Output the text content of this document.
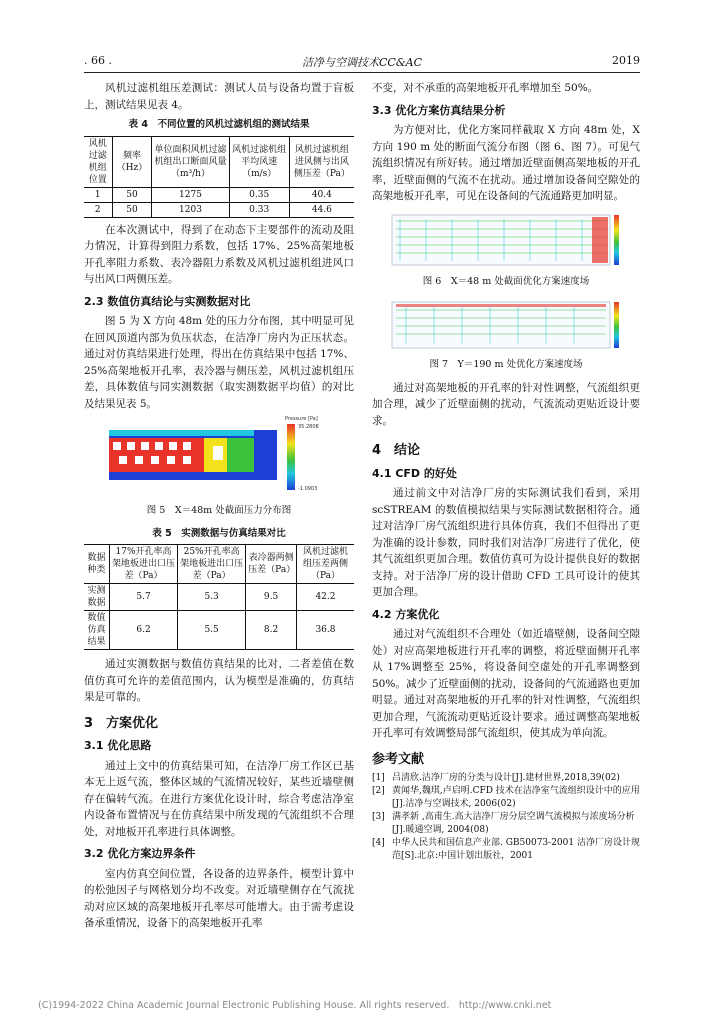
. 66 .	洁净与空调技术CC&AC	2019
风机过滤机组压差测试：测试人员与设备均置于盲板上，测试结果见表 4。
表 4　不同位置的风机过滤机组的测试结果
风机过滤机组位置	频率（Hz）	单位面积风机过滤机组出口断面风量（m³/h）	风机过滤机组平均风速（m/s）	风机过滤机组进风侧与出风侧压差（Pa）
1	50	1275	0.35	40.4
2	50	1203	0.33	44.6
在本次测试中，得到了在动态下主要部件的流动及阻力情况，计算得到阻力系数，包括 17%、25%高架地板开孔率阻力系数、表冷器阻力系数及风机过滤机组进风口与出风口两侧压差。
2.3 数值仿真结论与实测数据对比
图 5 为 X 方向 48m 处的压力分布图，其中明显可见在回风顶道内部为负压状态，在洁净厂房内为正压状态。通过对仿真结果进行处理，得出在仿真结果中包括 17%、25%高架地板开孔率，表冷器与侧压差，风机过滤机组压差，具体数值与同实测数据（取实测数据平均值）的对比及结果见表 5。
Pressure [Pa]
35.2808
-1.0903
图 5　X＝48m 处截面压力分布图
表 5　实测数据与仿真结果对比
数据种类	17%开孔率高架地板进出口压差（Pa）	25%开孔率高架地板进出口压差（Pa）	表冷器两侧压差（Pa）	风机过滤机组压差两侧（Pa）
实测数据	5.7	5.3	9.5	42.2
数值仿真结果	6.2	5.5	8.2	36.8
通过实测数据与数值仿真结果的比对，二者差值在数值仿真可允许的差值范围内，认为模型是准确的，仿真结果是可靠的。
3　方案优化
3.1 优化思路
通过上文中的仿真结果可知，在洁净厂房工作区已基本无上返气流，整体区域的气流情况较好，某些近墙壁侧存在偏转气流。在进行方案优化设计时，综合考虑洁净室内设备布置情况与在仿真结果中所发现的气流组织不合理处，对地板开孔率进行具体调整。
3.2 优化方案边界条件
室内仿真空间位置，各设备的边界条件，模型计算中的松弛因子与网格划分均不改变。对近墙壁侧存在气流扰动对应区域的高架地板开孔率尽可能增大。由于需考虑设备承重情况，设备下的高架地板开孔率
不变，对不承重的高架地板开孔率增加至 50%。
3.3 优化方案仿真结果分析
为方便对比，优化方案同样截取 X 方向 48m 处，X 方向 190 m 处的断面气流分布图（图 6、图 7）。可见气流组织情况有所好转。通过增加近壁面侧高架地板的开孔率，近壁面侧的气流不在扰动。通过增加设备间空隙处的高架地板开孔率，可见在设备间的气流通路更加明显。
图 6　X＝48 m 处截面优化方案速度场
图 7　Y＝190 m 处优化方案速度场
通过对高架地板的开孔率的针对性调整，气流组织更加合理，减少了近壁面侧的扰动，气流流动更贴近设计要求。
4　结论
4.1 CFD 的好处
通过前文中对洁净厂房的实际测试我们看到，采用 scSTREAM 的数值模拟结果与实际测试数据相符合。通过对洁净厂房气流组织进行具体仿真，我们不但得出了更为准确的设计参数，同时我们对洁净厂房进行了优化，使其气流组织更加合理。数值仿真可为设计提供良好的数据支持。对于洁净厂房的设计借助 CFD 工具可设计的使其更加合理。
4.2 方案优化
通过对气流组织不合理处（如近墙壁侧，设备间空隙处）对应高架地板进行开孔率的调整，将近壁面侧开孔率从 17%调整至 25%，将设备间空虚处的开孔率调整到 50%。减少了近壁面侧的扰动，设备间的气流通路也更加明显。通过对高架地板的开孔率的针对性调整，气流组织更加合理，气流流动更贴近设计要求。通过调整高架地板开孔率可有效调整局部气流组织，使其成为单向流。
参考文献
[1] 吕清欣.洁净厂房的分类与设计[J].建材世界,2018,39(02)
[2] 黄闻华,魏琪,卢启明.CFD 技术在洁净室气流组织设计中的应用[J].洁净与空调技术, 2006(02)
[3] 满孝新 ,高甫生.高大洁净厂房分层空调气流模拟与浓度场分析[J].暖通空调, 2004(08)
[4] 中华人民共和国信息产业部. GB50073-2001 洁净厂房设计规范[S].北京:中国计划出版社，2001
(C)1994-2022 China Academic Journal Electronic Publishing House. All rights reserved.　http://www.cnki.net
